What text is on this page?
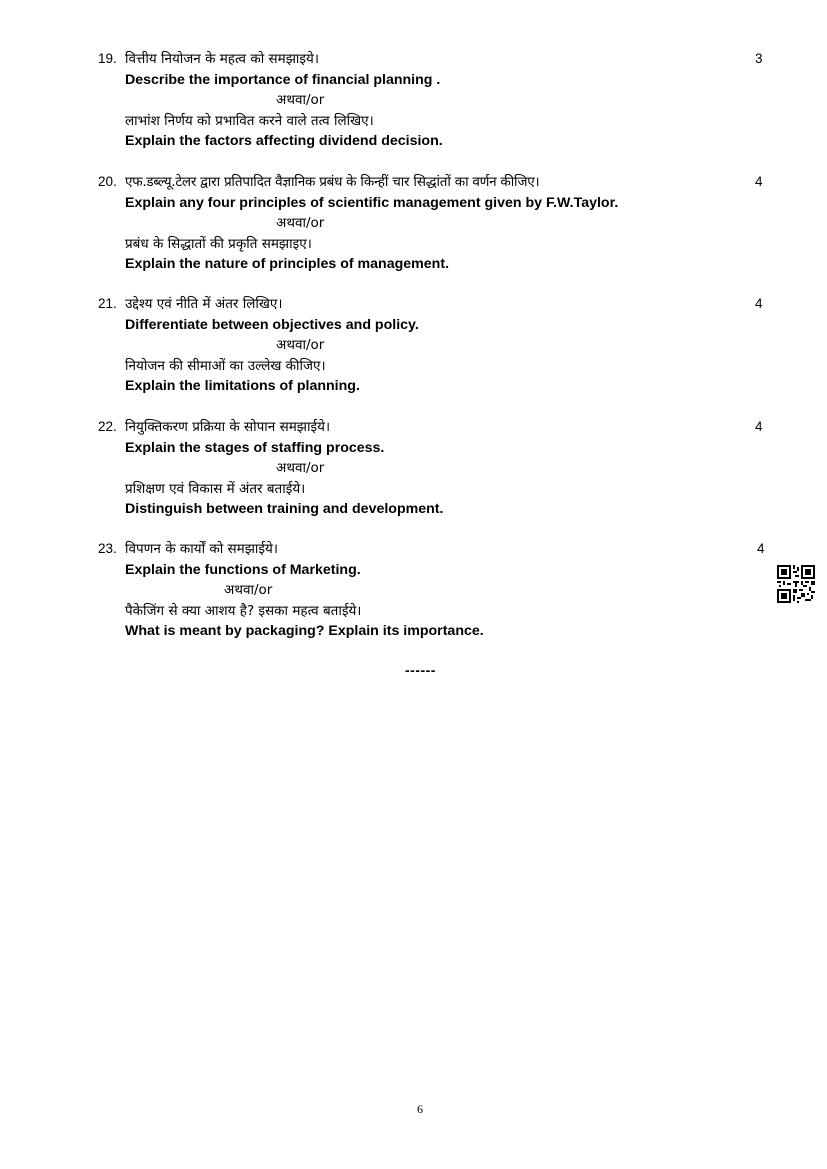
19. वित्तीय नियोजन के महत्व को समझाइये।	3
Describe the importance of financial planning .
अथवा/or
लाभांश निर्णय को प्रभावित करने वाले तत्व लिखिए।
Explain the factors affecting dividend decision.
20. एफ.डब्ल्यू.टेलर द्वारा प्रतिपादित वैज्ञानिक प्रबंध के किन्हीं चार सिद्धांतों का वर्णन कीजिए।	4
Explain any four principles of scientific management given by F.W.Taylor.
अथवा/or
प्रबंध के सिद्धातों की प्रकृति समझाइए।
Explain the nature of principles of management.
21. उद्देश्य एवं नीति में अंतर लिखिए।	4
Differentiate between objectives and policy.
अथवा/or
नियोजन की सीमाओं का उल्लेख कीजिए।
Explain the limitations of planning.
22. नियुक्तिकरण प्रक्रिया के सोपान समझाईये।	4
Explain the stages of staffing process.
अथवा/or
प्रशिक्षण एवं विकास में अंतर बताईये।
Distinguish between training and development.
23. विपणन के कार्यों को समझाईये।	4
Explain the functions of Marketing.
अथवा/or
पैकेजिंग से क्या आशय है? इसका महत्व बताईये।
What is meant by packaging? Explain its importance.
------
6
